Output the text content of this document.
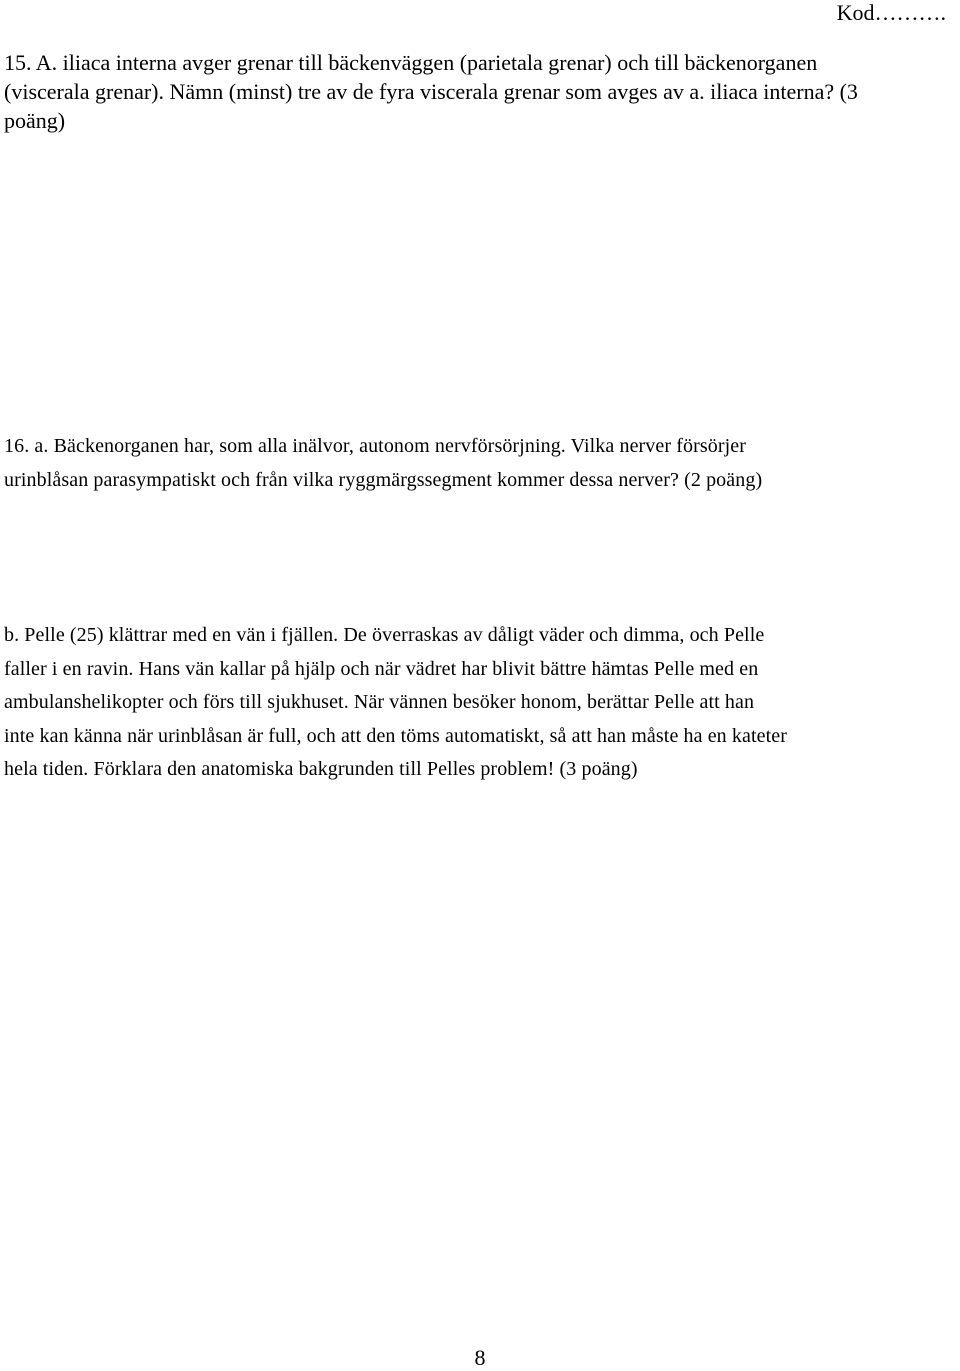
Kod……….
15. A. iliaca interna avger grenar till bäckenväggen (parietala grenar) och till bäckenorganen
(viscerala grenar). Nämn (minst) tre av de fyra viscerala grenar som avges av a. iliaca interna? (3
poäng)
16. a. Bäckenorganen har, som alla inälvor, autonom nervförsörjning. Vilka nerver försörjer
urinblåsan parasympatiskt och från vilka ryggmärgssegment kommer dessa nerver? (2 poäng)
b. Pelle (25) klättrar med en vän i fjällen. De överraskas av dåligt väder och dimma, och Pelle
faller i en ravin. Hans vän kallar på hjälp och när vädret har blivit bättre hämtas Pelle med en
ambulanshelikopter och förs till sjukhuset. När vännen besöker honom, berättar Pelle att han
inte kan känna när urinblåsan är full, och att den töms automatiskt, så att han måste ha en kateter
hela tiden. Förklara den anatomiska bakgrunden till Pelles problem! (3 poäng)
8
